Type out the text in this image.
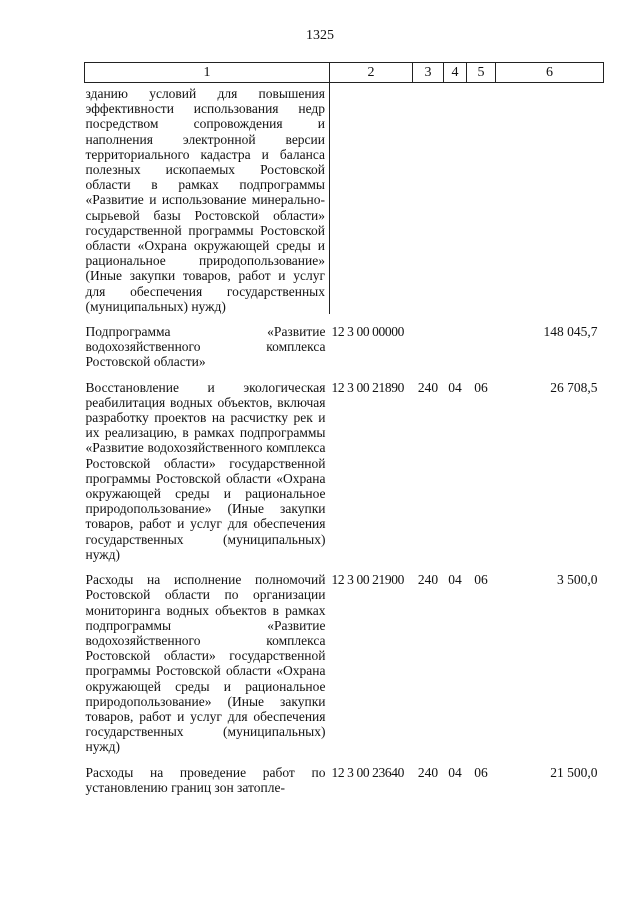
1325
1	2	3	4	5	6
зданию условий для повышения эффективности использования недр посредством сопровождения и наполнения электронной версии территориального кадастра и баланса полезных ископаемых Ростовской области в рамках подпрограммы «Развитие и использование минерально-сырьевой базы Ростовской области» государственной программы Ростовской области «Охрана окружающей среды и рациональное природопользование» (Иные закупки товаров, работ и услуг для обеспечения государственных (муниципальных) нужд)					
Подпрограмма «Развитие водохозяйственного комплекса Ростовской области»	12 3 00 00000				148 045,7
Восстановление и экологическая реабилитация водных объектов, включая разработку проектов на расчистку рек и их реализацию, в рамках подпрограммы «Развитие водохозяйственного комплекса Ростовской области» государственной программы Ростовской области «Охрана окружающей среды и рациональное природопользование» (Иные закупки товаров, работ и услуг для обеспечения государственных (муниципальных) нужд)	12 3 00 21890	240	04	06	26 708,5
Расходы на исполнение полномочий Ростовской области по организации мониторинга водных объектов в рамках подпрограммы «Развитие водохозяйственного комплекса Ростовской области» государственной программы Ростовской области «Охрана окружающей среды и рациональное природопользование» (Иные закупки товаров, работ и услуг для обеспечения государственных (муниципальных) нужд)	12 3 00 21900	240	04	06	3 500,0
Расходы на проведение работ по установлению границ зон затопле-	12 3 00 23640	240	04	06	21 500,0
